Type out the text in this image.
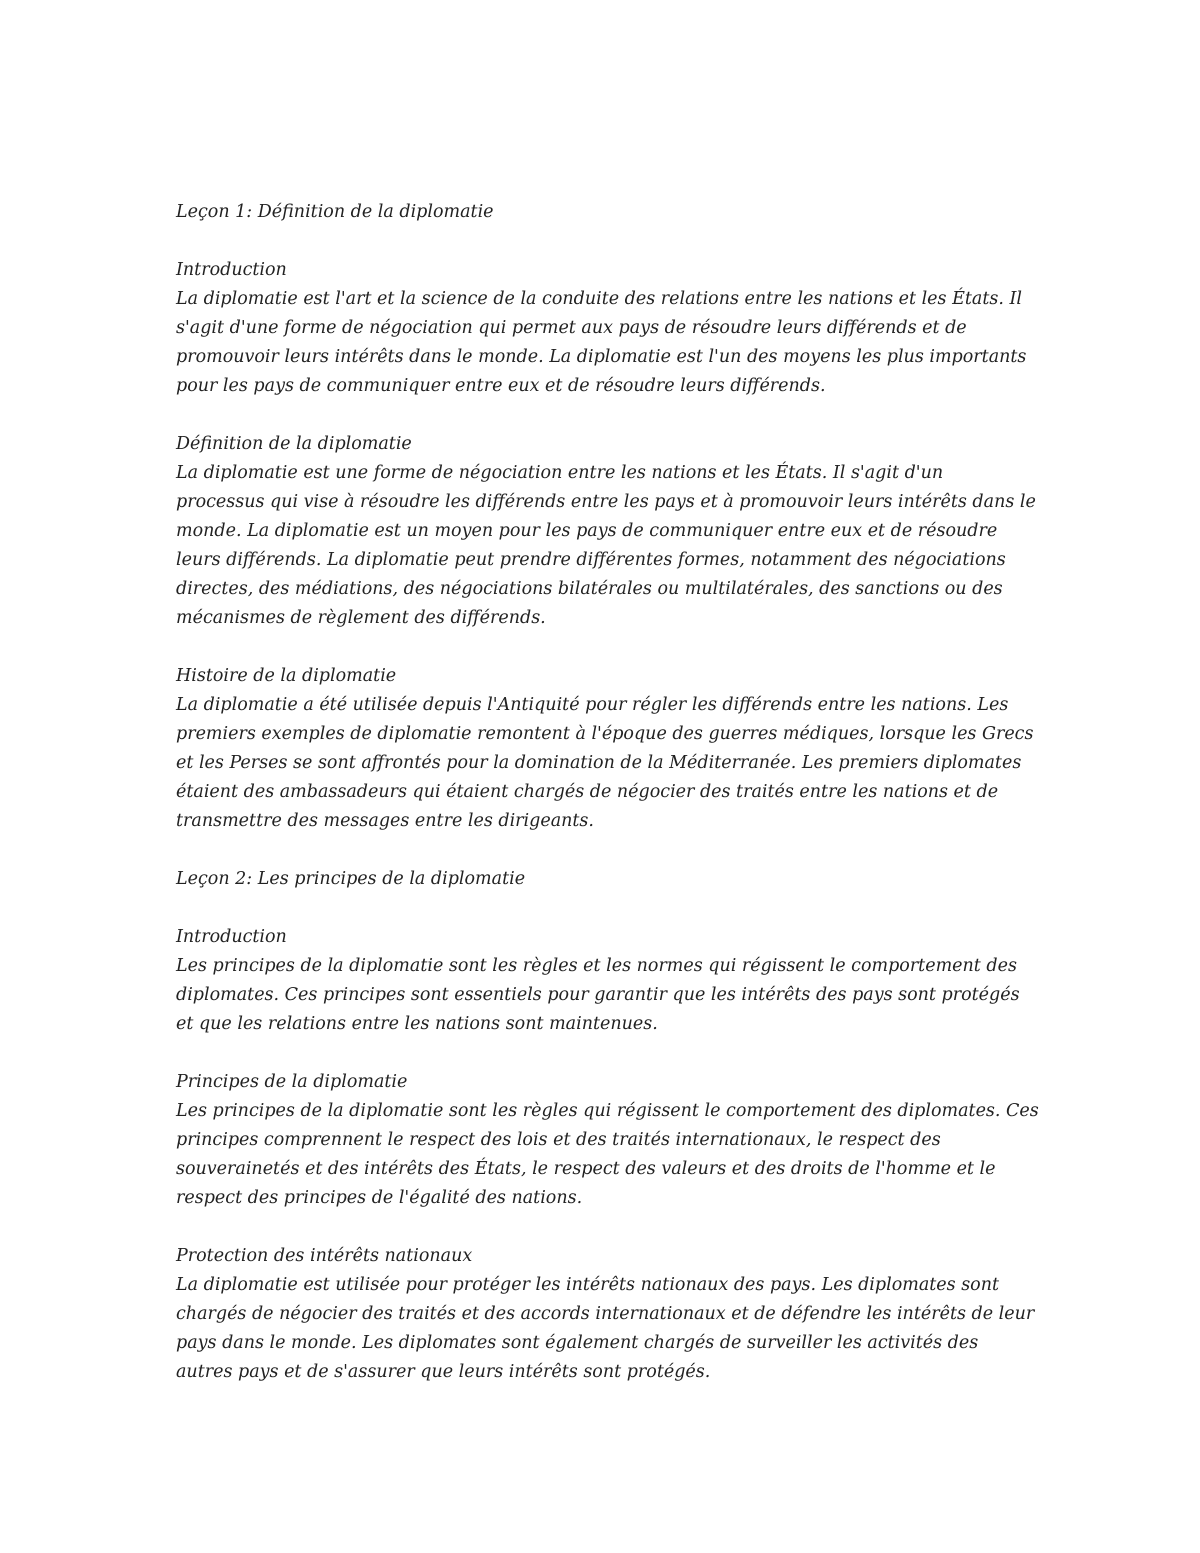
Leçon 1: Définition de la diplomatie
Introduction
La diplomatie est l'art et la science de la conduite des relations entre les nations et les États. Il
s'agit d'une forme de négociation qui permet aux pays de résoudre leurs différends et de
promouvoir leurs intérêts dans le monde. La diplomatie est l'un des moyens les plus importants
pour les pays de communiquer entre eux et de résoudre leurs différends.
Définition de la diplomatie
La diplomatie est une forme de négociation entre les nations et les États. Il s'agit d'un
processus qui vise à résoudre les différends entre les pays et à promouvoir leurs intérêts dans le
monde. La diplomatie est un moyen pour les pays de communiquer entre eux et de résoudre
leurs différends. La diplomatie peut prendre différentes formes, notamment des négociations
directes, des médiations, des négociations bilatérales ou multilatérales, des sanctions ou des
mécanismes de règlement des différends.
Histoire de la diplomatie
La diplomatie a été utilisée depuis l'Antiquité pour régler les différends entre les nations. Les
premiers exemples de diplomatie remontent à l'époque des guerres médiques, lorsque les Grecs
et les Perses se sont affrontés pour la domination de la Méditerranée. Les premiers diplomates
étaient des ambassadeurs qui étaient chargés de négocier des traités entre les nations et de
transmettre des messages entre les dirigeants.
Leçon 2: Les principes de la diplomatie
Introduction
Les principes de la diplomatie sont les règles et les normes qui régissent le comportement des
diplomates. Ces principes sont essentiels pour garantir que les intérêts des pays sont protégés
et que les relations entre les nations sont maintenues.
Principes de la diplomatie
Les principes de la diplomatie sont les règles qui régissent le comportement des diplomates. Ces
principes comprennent le respect des lois et des traités internationaux, le respect des
souverainetés et des intérêts des États, le respect des valeurs et des droits de l'homme et le
respect des principes de l'égalité des nations.
Protection des intérêts nationaux
La diplomatie est utilisée pour protéger les intérêts nationaux des pays. Les diplomates sont
chargés de négocier des traités et des accords internationaux et de défendre les intérêts de leur
pays dans le monde. Les diplomates sont également chargés de surveiller les activités des
autres pays et de s'assurer que leurs intérêts sont protégés.
